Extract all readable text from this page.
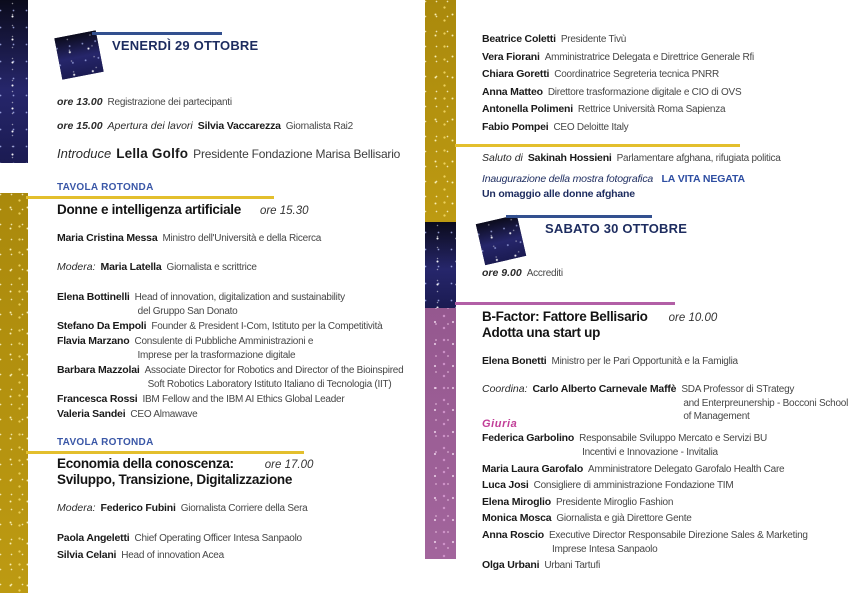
VENERDÌ 29 OTTOBRE
ore 13.00 Registrazione dei partecipanti
ore 15.00 Apertura dei lavori Silvia Vaccarezza Giornalista Rai2
Introduce Lella Golfo Presidente Fondazione Marisa Bellisario
TAVOLA ROTONDA
Donne e intelligenza artificiale ore 15.30
Maria Cristina Messa Ministro dell'Università e della Ricerca
Modera: Maria Latella Giornalista e scrittrice
Elena Bottinelli Head of innovation, digitalization and sustainability
del Gruppo San Donato
Stefano Da Empoli Founder & President I-Com, Istituto per la Competitività
Flavia Marzano Consulente di Pubbliche Amministrazioni e
Imprese per la trasformazione digitale
Barbara Mazzolai Associate Director for Robotics and Director of the Bioinspired
Soft Robotics Laboratory Istituto Italiano di Tecnologia (IIT)
Francesca Rossi IBM Fellow and the IBM AI Ethics Global Leader
Valeria Sandei CEO Almawave
TAVOLA ROTONDA
Economia della conoscenza:	ore 17.00
Sviluppo, Transizione, Digitalizzazione
Modera: Federico Fubini Giornalista Corriere della Sera
Paola Angeletti Chief Operating Officer Intesa Sanpaolo
Silvia Celani Head of innovation Acea
Beatrice Coletti Presidente Tivù
Vera Fiorani Amministratrice Delegata e Direttrice Generale Rfi
Chiara Goretti Coordinatrice Segreteria tecnica PNRR
Anna Matteo Direttore trasformazione digitale e CIO di OVS
Antonella Polimeni Rettrice Università Roma Sapienza
Fabio Pompei CEO Deloitte Italy
Saluto di Sakinah Hossieni Parlamentare afghana, rifugiata politica
Inaugurazione della mostra fotografica LA VITA NEGATA
Un omaggio alle donne afghane
SABATO 30 OTTOBRE
ore 9.00 Accrediti
B-Factor: Fattore Bellisario ore 10.00
Adotta una start up
Elena Bonetti Ministro per le Pari Opportunità e la Famiglia
Coordina: Carlo Alberto Carnevale Maffè SDA Professor di STrategy
and Enterpreunership - Bocconi School of Management
Giuria
Federica Garbolino Responsabile Sviluppo Mercato e Servizi BU
Incentivi e Innovazione - Invitalia
Maria Laura Garofalo Amministratore Delegato Garofalo Health Care
Luca Josi Consigliere di amministrazione Fondazione TIM
Elena Miroglio Presidente Miroglio Fashion
Monica Mosca Giornalista e già Direttore Gente
Anna Roscio Executive Director Responsabile Direzione Sales & Marketing
Imprese Intesa Sanpaolo
Olga Urbani Urbani Tartufi
